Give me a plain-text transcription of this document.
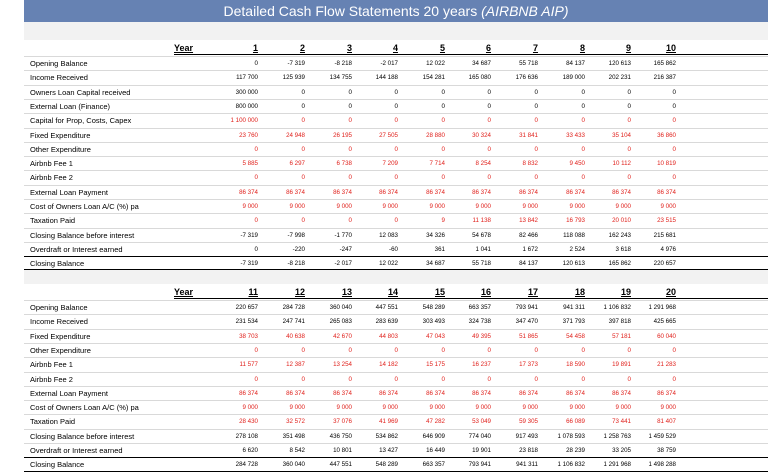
Detailed Cash Flow Statements 20 years (AIRBNB AIP)
Year	1	2	3	4	5	6	7	8	9	10
Opening Balance	0	-7 319	-8 218	-2 017	12 022	34 687	55 718	84 137	120 613	165 862
Income Received	117 700	125 939	134 755	144 188	154 281	165 080	176 636	189 000	202 231	216 387
Owners Loan Capital received	300 000	0	0	0	0	0	0	0	0	0
External Loan (Finance)	800 000	0	0	0	0	0	0	0	0	0
Capital for Prop, Costs, Capex	1 100 000	0	0	0	0	0	0	0	0	0
Fixed Expenditure	23 760	24 948	26 195	27 505	28 880	30 324	31 841	33 433	35 104	36 860
Other Expenditure	0	0	0	0	0	0	0	0	0	0
Airbnb Fee 1	5 885	6 297	6 738	7 209	7 714	8 254	8 832	9 450	10 112	10 819
Airbnb Fee 2	0	0	0	0	0	0	0	0	0	0
External Loan Payment	86 374	86 374	86 374	86 374	86 374	86 374	86 374	86 374	86 374	86 374
Cost of Owners Loan A/C (%) pa	9 000	9 000	9 000	9 000	9 000	9 000	9 000	9 000	9 000	9 000
Taxation Paid	0	0	0	0	9	11 138	13 842	16 793	20 010	23 515
Closing Balance before interest	-7 319	-7 998	-1 770	12 083	34 326	54 678	82 466	118 088	162 243	215 681
Overdraft or Interest earned	0	-220	-247	-60	361	1 041	1 672	2 524	3 618	4 976
Closing Balance	-7 319	-8 218	-2 017	12 022	34 687	55 718	84 137	120 613	165 862	220 657
Year	11	12	13	14	15	16	17	18	19	20
Opening Balance	220 657	284 728	360 040	447 551	548 289	663 357	793 941	941 311	1 106 832	1 291 968
Income Received	231 534	247 741	265 083	283 639	303 493	324 738	347 470	371 793	397 818	425 665
Fixed Expenditure	38 703	40 638	42 670	44 803	47 043	49 395	51 865	54 458	57 181	60 040
Other Expenditure	0	0	0	0	0	0	0	0	0	0
Airbnb Fee 1	11 577	12 387	13 254	14 182	15 175	16 237	17 373	18 590	19 891	21 283
Airbnb Fee 2	0	0	0	0	0	0	0	0	0	0
External Loan Payment	86 374	86 374	86 374	86 374	86 374	86 374	86 374	86 374	86 374	86 374
Cost of Owners Loan A/C (%) pa	9 000	9 000	9 000	9 000	9 000	9 000	9 000	9 000	9 000	9 000
Taxation Paid	28 430	32 572	37 076	41 969	47 282	53 049	59 305	66 089	73 441	81 407
Closing Balance before interest	278 108	351 498	436 750	534 862	646 909	774 040	917 493	1 078 593	1 258 763	1 459 529
Overdraft or Interest earned	6 620	8 542	10 801	13 427	16 449	19 901	23 818	28 239	33 205	38 759
Closing Balance	284 728	360 040	447 551	548 289	663 357	793 941	941 311	1 106 832	1 291 968	1 498 288
